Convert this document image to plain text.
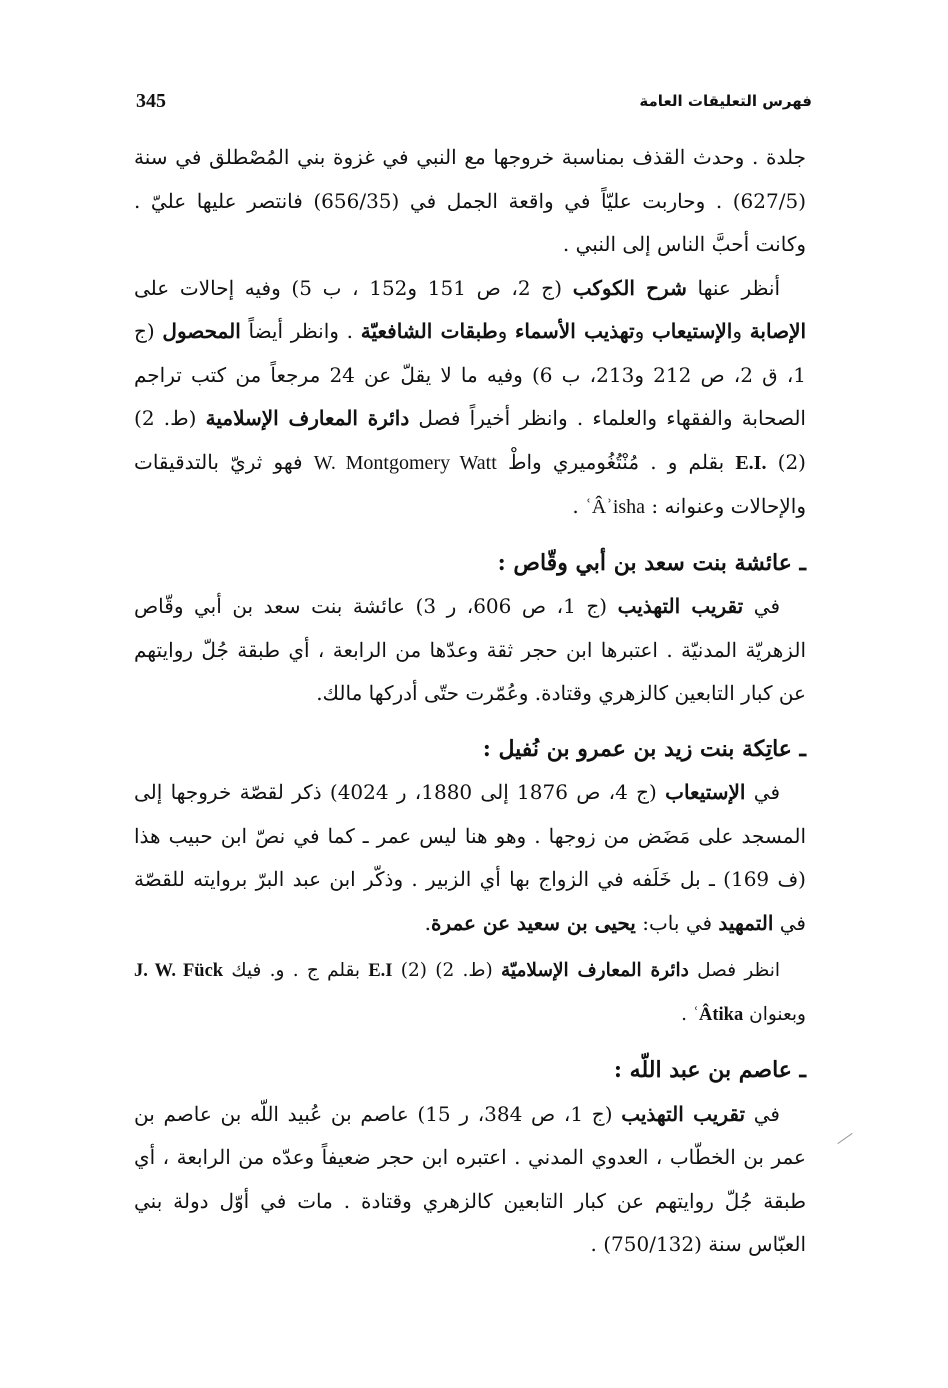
345	فهرس التعليقات العامة

جلدة . وحدث القذف بمناسبة خروجها مع النبي في غزوة بني المُصْطلق في سنة (627/5) . وحاربت عليّاً في واقعة الجمل في (656/35) فانتصر عليها عليّ . وكانت أحبَّ الناس إلى النبي .

أنظر عنها شرح الكوكب (ج 2، ص 151 و152 ، ب 5) وفيه إحالات على الإصابة والإستيعاب وتهذيب الأسماء وطبقات الشافعيّة . وانظر أيضاً المحصول (ج 1، ق 2، ص 212 و213، ب 6) وفيه ما لا يقلّ عن 24 مرجعاً من كتب تراجم الصحابة والفقهاء والعلماء . وانظر أخيراً فصل دائرة المعارف الإسلامية (ط. 2) (2) E.I. بقلم و . مُنْتُغُوميري واطْ W. Montgomery Watt فهو ثريّ بالتدقيقات والإحالات وعنوانه : ʿÂʾisha .

ـ عائشة بنت سعد بن أبي وقّاص :

في تقريب التهذيب (ج 1، ص 606، ر 3) عائشة بنت سعد بن أبي وقّاص الزهريّة المدنيّة . اعتبرها ابن حجر ثقة وعدّها من الرابعة ، أي طبقة جُلّ روايتهم عن كبار التابعين كالزهري وقتادة. وعُمّرت حتّى أدركها مالك.

ـ عاتِكة بنت زيد بن عمرو بن نُفيل :

في الإستيعاب (ج 4، ص 1876 إلى 1880، ر 4024) ذكر لقصّة خروجها إلى المسجد على مَضَض من زوجها . وهو هنا ليس عمر ـ كما في نصّ ابن حبيب هذا (ف 169) ـ بل خَلَفه في الزواج بها أي الزبير . وذكّر ابن عبد البرّ بروايته للقصّة في التمهيد في باب: يحيى بن سعيد عن عمرة.

انظر فصل دائرة المعارف الإسلاميّة (ط. 2) (2) E.I بقلم ج . و. فيك J. W. Fück وبعنوان ʿÂtika .

ـ عاصم بن عبد اللّه :

في تقريب التهذيب (ج 1، ص 384، ر 15) عاصم بن عُبيد اللّه بن عاصم بن عمر بن الخطّاب ، العدوي المدني . اعتبره ابن حجر ضعيفاً وعدّه من الرابعة ، أي طبقة جُلّ روايتهم عن كبار التابعين كالزهري وقتادة . مات في أوّل دولة بني العبّاس سنة (750/132) .
